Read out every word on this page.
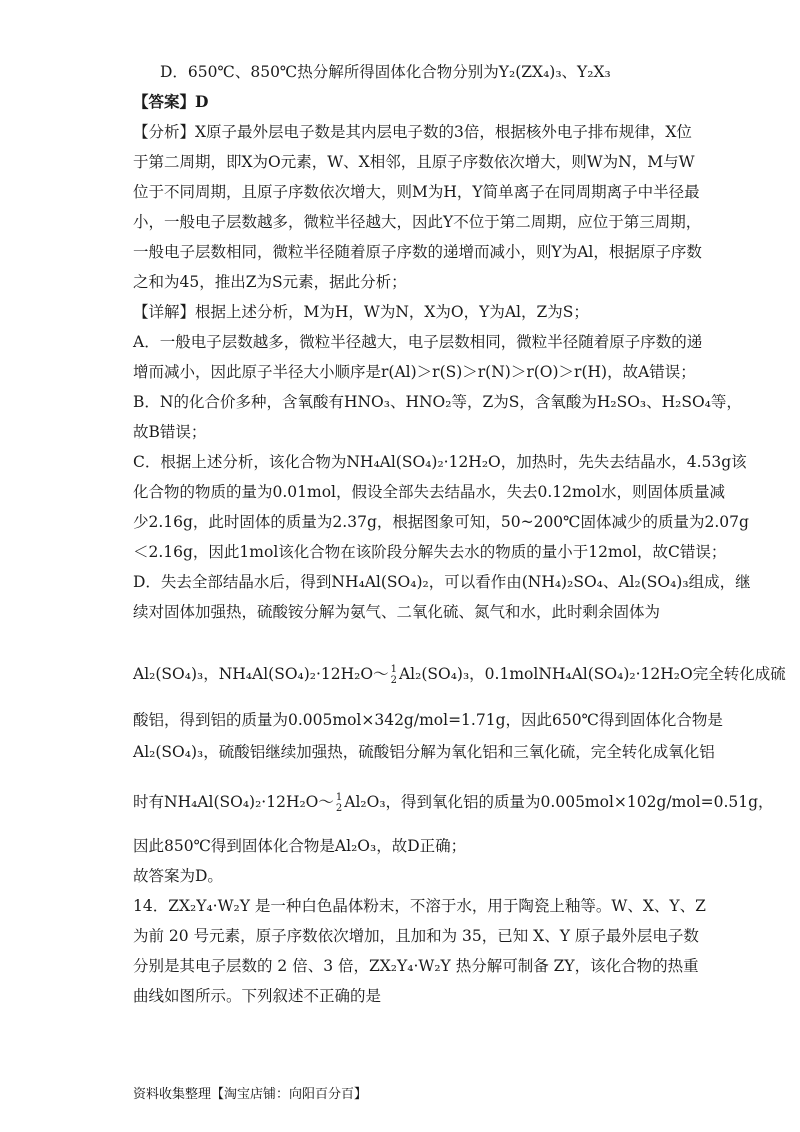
D．650℃、850℃热分解所得固体化合物分别为Y₂(ZX₄)₃、Y₂X₃
【答案】D
【分析】X原子最外层电子数是其内层电子数的3倍，根据核外电子排布规律，X位
于第二周期，即X为O元素，W、X相邻，且原子序数依次增大，则W为N，M与W
位于不同周期，且原子序数依次增大，则M为H，Y简单离子在同周期离子中半径最
小，一般电子层数越多，微粒半径越大，因此Y不位于第二周期，应位于第三周期，
一般电子层数相同，微粒半径随着原子序数的递增而减小，则Y为Al，根据原子序数
之和为45，推出Z为S元素，据此分析；
【详解】根据上述分析，M为H，W为N，X为O，Y为Al，Z为S；
A．一般电子层数越多，微粒半径越大，电子层数相同，微粒半径随着原子序数的递
增而减小，因此原子半径大小顺序是r(Al)＞r(S)＞r(N)＞r(O)＞r(H)，故A错误；
B．N的化合价多种，含氧酸有HNO₃、HNO₂等，Z为S，含氧酸为H₂SO₃、H₂SO₄等，
故B错误；
C．根据上述分析，该化合物为NH₄Al(SO₄)₂·12H₂O，加热时，先失去结晶水，4.53g该
化合物的物质的量为0.01mol，假设全部失去结晶水，失去0.12mol水，则固体质量减
少2.16g，此时固体的质量为2.37g，根据图象可知，50~200℃固体减少的质量为2.07g
＜2.16g，因此1mol该化合物在该阶段分解失去水的物质的量小于12mol，故C错误；
D．失去全部结晶水后，得到NH₄Al(SO₄)₂，可以看作由(NH₄)₂SO₄、Al₂(SO₄)₃组成，继
续对固体加强热，硫酸铵分解为氨气、二氧化硫、氮气和水，此时剩余固体为
Al₂(SO₄)₃，NH₄Al(SO₄)₂·12H₂O～ 1
2 Al₂(SO₄)₃，0.1molNH₄Al(SO₄)₂·12H₂O完全转化成硫
酸铝，得到铝的质量为0.005mol×342g/mol=1.71g，因此650℃得到固体化合物是
Al₂(SO₄)₃，硫酸铝继续加强热，硫酸铝分解为氧化铝和三氧化硫，完全转化成氧化铝
时有NH₄Al(SO₄)₂·12H₂O～ 1
2 Al₂O₃，得到氧化铝的质量为0.005mol×102g/mol=0.51g，
因此850℃得到固体化合物是Al₂O₃，故D正确；
故答案为D。
14．ZX₂Y₄·W₂Y 是一种白色晶体粉末，不溶于水，用于陶瓷上釉等。W、X、Y、Z
为前 20 号元素，原子序数依次增加，且加和为 35，已知 X、Y 原子最外层电子数
分别是其电子层数的 2 倍、3 倍，ZX₂Y₄·W₂Y 热分解可制备 ZY，该化合物的热重
曲线如图所示。下列叙述不正确的是
资料收集整理【淘宝店铺：向阳百分百】
